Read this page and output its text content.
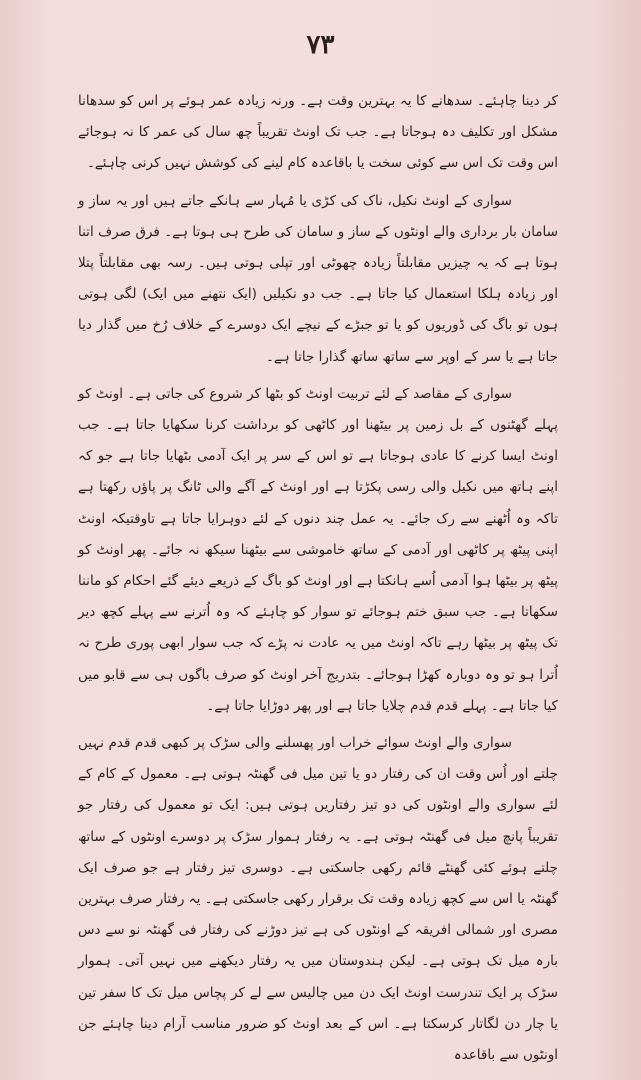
۷۳

کر دینا چاہئے۔ سدھانے کا یہ بہترین وقت ہے۔ ورنہ زیادہ عمر ہوئے پر اس کو سدھانا مشکل اور تکلیف دہ ہوجاتا ہے۔ جب تک اونٹ تقریباً چھ سال کی عمر کا نہ ہوجائے اس وقت تک اس سے کوئی سخت یا باقاعدہ کام لینے کی کوشش نہیں کرنی چاہئے۔

سواری کے اونٹ نکیل، ناک کی کڑی یا مُہار سے ہانکے جاتے ہیں اور یہ ساز و سامان بار برداری والے اونٹوں کے ساز و سامان کی طرح ہی ہوتا ہے۔ فرق صرف اتنا ہوتا ہے کہ یہ چیزیں مقابلتاً زیادہ چھوٹی اور تپلی ہوتی ہیں۔ رسہ بھی مقابلتاً پتلا اور زیادہ ہلکا استعمال کیا جاتا ہے۔ جب دو نکیلیں (ایک نتھنے میں ایک) لگی ہوتی ہوں تو باگ کی ڈوریوں کو یا تو جبڑے کے نیچے ایک دوسرے کے خلاف رُخ میں گذار دیا جاتا ہے یا سر کے اوپر سے ساتھ ساتھ گذارا جاتا ہے۔

سواری کے مقاصد کے لئے تربیت اونٹ کو بٹھا کر شروع کی جاتی ہے۔ اونٹ کو پہلے گھٹنوں کے بل زمین پر بیٹھنا اور کاٹھی کو برداشت کرنا سکھایا جاتا ہے۔ جب اونٹ ایسا کرنے کا عادی ہوجاتا ہے تو اس کے سر پر ایک آدمی بٹھایا جاتا ہے جو کہ اپنے ہاتھ میں نکیل والی رسی پکڑتا ہے اور اونٹ کے آگے والی ٹانگ پر پاؤں رکھتا ہے تاکہ وہ اُٹھنے سے رک جائے۔ یہ عمل چند دنوں کے لئے دوہرایا جاتا ہے تاوقتیکہ اونٹ اپنی پیٹھ پر کاٹھی اور آدمی کے ساتھ خاموشی سے بیٹھنا سیکھ نہ جائے۔ پھر اونٹ کو پیٹھ پر بیٹھا ہوا آدمی اُسے ہانکتا ہے اور اونٹ کو باگ کے ذریعے دیئے گئے احکام کو ماننا سکھاتا ہے۔ جب سبق ختم ہوجائے تو سوار کو چاہئے کہ وہ اُترنے سے پہلے کچھ دیر تک پیٹھ پر بیٹھا رہے تاکہ اونٹ میں یہ عادت نہ پڑے کہ جب سوار ابھی پوری طرح نہ اُترا ہو تو وہ دوبارہ کھڑا ہوجائے۔ بتدریج آخر اونٹ کو صرف باگوں ہی سے قابو میں کیا جاتا ہے۔ پہلے قدم قدم چلایا جاتا ہے اور پھر دوڑایا جاتا ہے۔

سواری والے اونٹ سوائے خراب اور پھسلنے والی سڑک پر کبھی قدم قدم نہیں چلتے اور اُس وقت ان کی رفتار دو یا تین میل فی گھنٹہ ہوتی ہے۔ معمول کے کام کے لئے سواری والے اونٹوں کی دو تیز رفتاریں ہوتی ہیں: ایک تو معمول کی رفتار جو تقریباً پانچ میل فی گھنٹہ ہوتی ہے۔ یہ رفتار ہموار سڑک پر دوسرے اونٹوں کے ساتھ چلتے ہوئے کئی گھنٹے قائم رکھی جاسکتی ہے۔ دوسری تیز رفتار ہے جو صرف ایک گھنٹہ یا اس سے کچھ زیادہ وقت تک برقرار رکھی جاسکتی ہے۔ یہ رفتار صرف بہترین مصری اور شمالی افریقہ کے اونٹوں کی ہے تیز دوڑنے کی رفتار فی گھنٹہ نو سے دس بارہ میل تک ہوتی ہے۔ لیکن ہندوستان میں یہ رفتار دیکھنے میں نہیں آتی۔ ہموار سڑک پر ایک تندرست اونٹ ایک دن میں چالیس سے لے کر پچاس میل تک کا سفر تین یا چار دن لگاتار کرسکتا ہے۔ اس کے بعد اونٹ کو ضرور مناسب آرام دینا چاہئے جن اونٹوں سے باقاعدہ
